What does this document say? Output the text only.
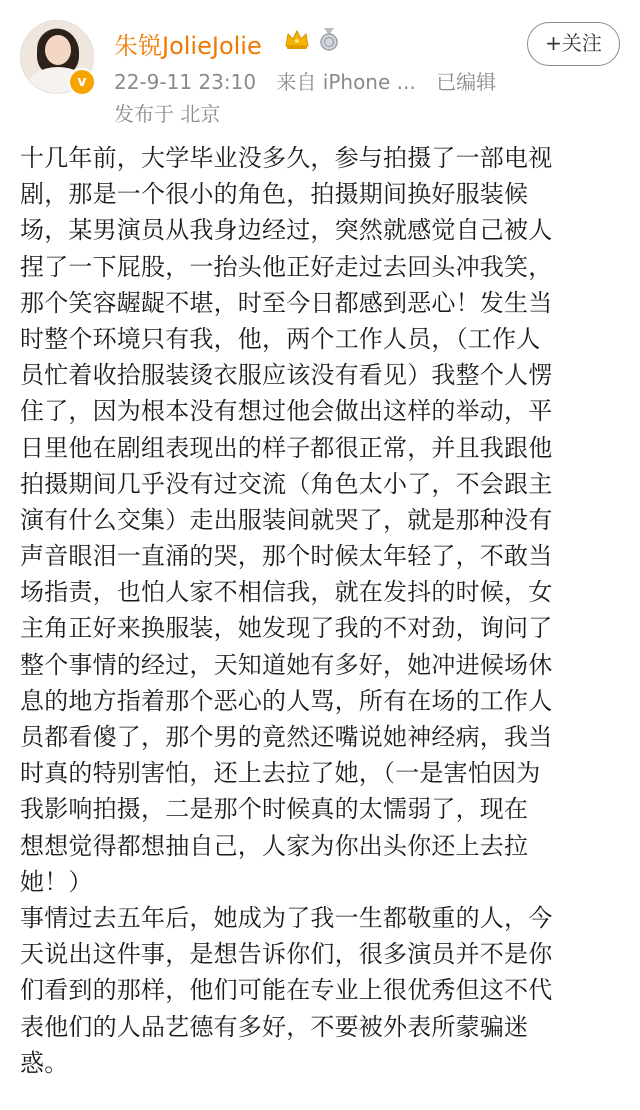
v
朱锐JolieJolie	+关注
22-9-11 23:10 来自 iPhone ... 已编辑
发布于 北京
十几年前，大学毕业没多久，参与拍摄了一部电视
剧，那是一个很小的角色，拍摄期间换好服装候
场，某男演员从我身边经过，突然就感觉自己被人
捏了一下屁股，一抬头他正好走过去回头冲我笑，
那个笑容龌龊不堪，时至今日都感到恶心！发生当
时整个环境只有我，他，两个工作人员，（工作人
员忙着收拾服装烫衣服应该没有看见）我整个人愣
住了，因为根本没有想过他会做出这样的举动，平
日里他在剧组表现出的样子都很正常，并且我跟他
拍摄期间几乎没有过交流（角色太小了，不会跟主
演有什么交集）走出服装间就哭了，就是那种没有
声音眼泪一直涌的哭，那个时候太年轻了，不敢当
场指责，也怕人家不相信我，就在发抖的时候，女
主角正好来换服装，她发现了我的不对劲，询问了
整个事情的经过，天知道她有多好，她冲进候场休
息的地方指着那个恶心的人骂，所有在场的工作人
员都看傻了，那个男的竟然还嘴说她神经病，我当
时真的特别害怕，还上去拉了她，（一是害怕因为
我影响拍摄，二是那个时候真的太懦弱了，现在
想想觉得都想抽自己，人家为你出头你还上去拉
她！）
事情过去五年后，她成为了我一生都敬重的人，今
天说出这件事，是想告诉你们，很多演员并不是你
们看到的那样，他们可能在专业上很优秀但这不代
表他们的人品艺德有多好，不要被外表所蒙骗迷
惑。
